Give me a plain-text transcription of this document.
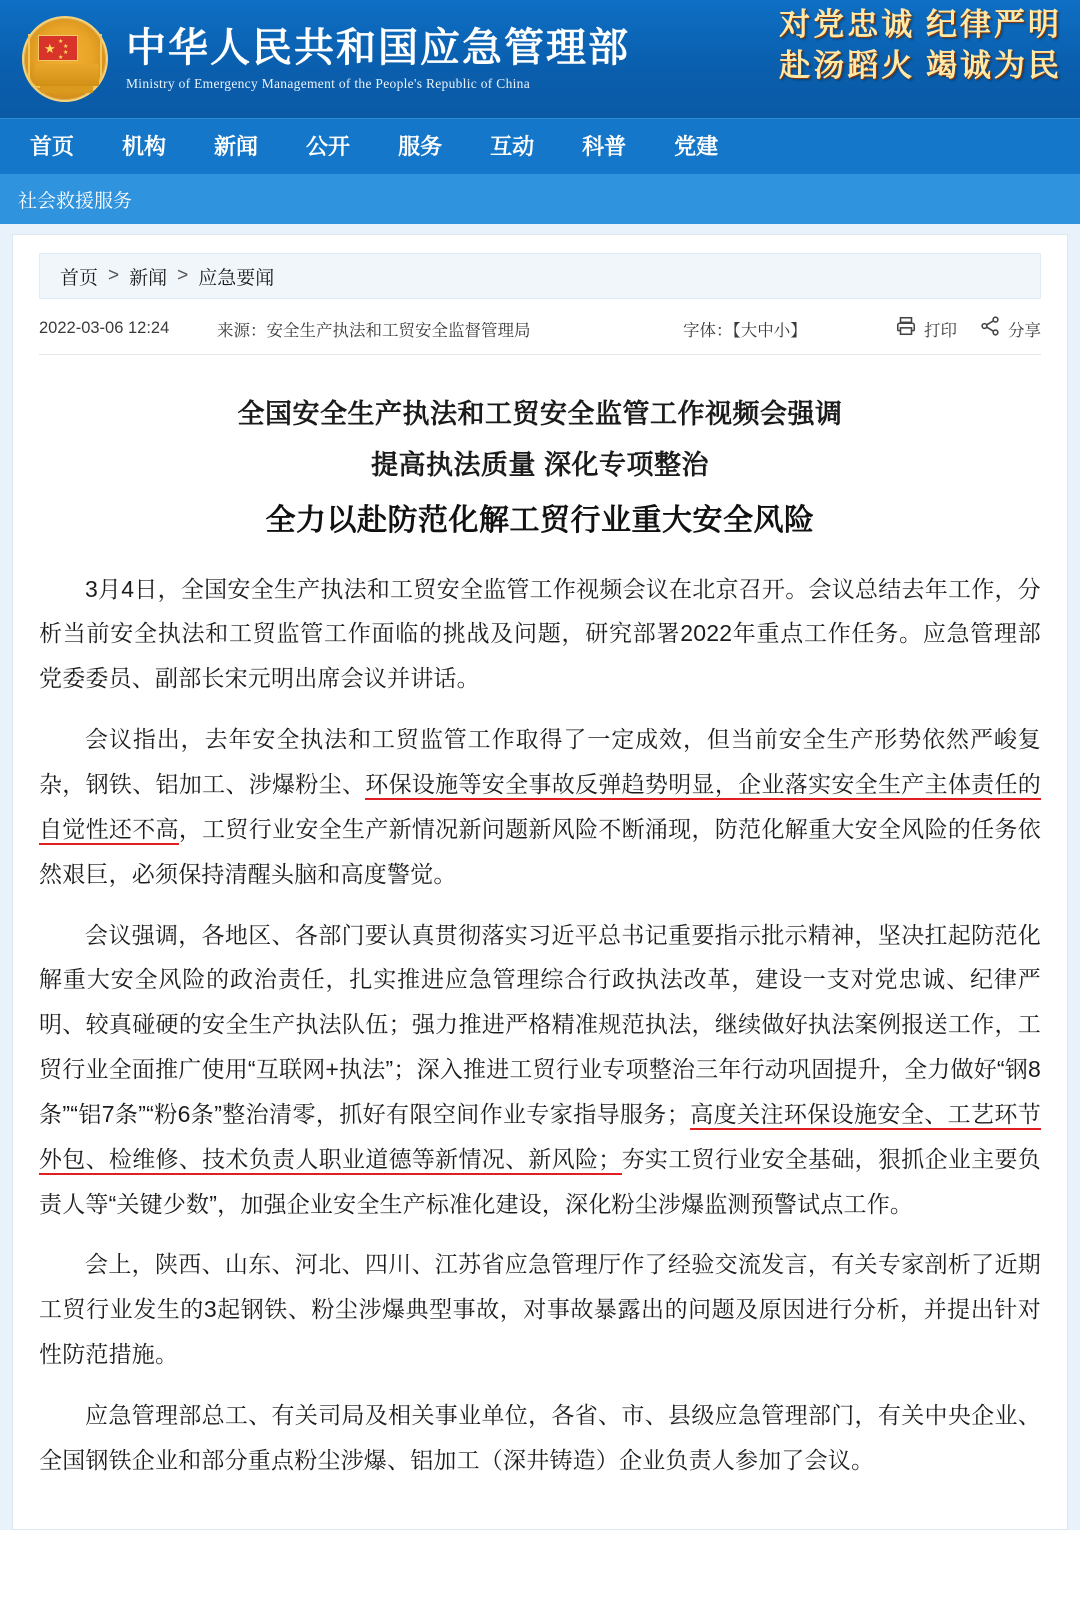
★ ★
★
★
★ 中华人民共和国应急管理部
Ministry of Emergency Management of the People's Republic of China
对党忠诚 纪律严明
赴汤蹈火 竭诚为民
首页	机构	新闻	公开	服务	互动	科普	党建
社会救援服务
首页 > 新闻 > 应急要闻
2022-03-06 12:24	来源：安全生产执法和工贸安全监督管理局	字体：【大中小】	打印	分享
全国安全生产执法和工贸安全监管工作视频会强调
提高执法质量 深化专项整治
全力以赴防范化解工贸行业重大安全风险

3月4日，全国安全生产执法和工贸安全监管工作视频会议在北京召开。会议总结去年工作，分析当前安全执法和工贸监管工作面临的挑战及问题，研究部署2022年重点工作任务。应急管理部党委委员、副部长宋元明出席会议并讲话。

会议指出，去年安全执法和工贸监管工作取得了一定成效，但当前安全生产形势依然严峻复杂，钢铁、铝加工、涉爆粉尘、环保设施等安全事故反弹趋势明显，企业落实安全生产主体责任的自觉性还不高，工贸行业安全生产新情况新问题新风险不断涌现，防范化解重大安全风险的任务依然艰巨，必须保持清醒头脑和高度警觉。

会议强调，各地区、各部门要认真贯彻落实习近平总书记重要指示批示精神，坚决扛起防范化解重大安全风险的政治责任，扎实推进应急管理综合行政执法改革，建设一支对党忠诚、纪律严明、较真碰硬的安全生产执法队伍；强力推进严格精准规范执法，继续做好执法案例报送工作，工贸行业全面推广使用“互联网+执法”；深入推进工贸行业专项整治三年行动巩固提升，全力做好“钢8条”“铝7条”“粉6条”整治清零，抓好有限空间作业专家指导服务；高度关注环保设施安全、工艺环节外包、检维修、技术负责人职业道德等新情况、新风险；夯实工贸行业安全基础，狠抓企业主要负责人等“关键少数”，加强企业安全生产标准化建设，深化粉尘涉爆监测预警试点工作。

会上，陕西、山东、河北、四川、江苏省应急管理厅作了经验交流发言，有关专家剖析了近期工贸行业发生的3起钢铁、粉尘涉爆典型事故，对事故暴露出的问题及原因进行分析，并提出针对性防范措施。

应急管理部总工、有关司局及相关事业单位，各省、市、县级应急管理部门，有关中央企业、全国钢铁企业和部分重点粉尘涉爆、铝加工（深井铸造）企业负责人参加了会议。
